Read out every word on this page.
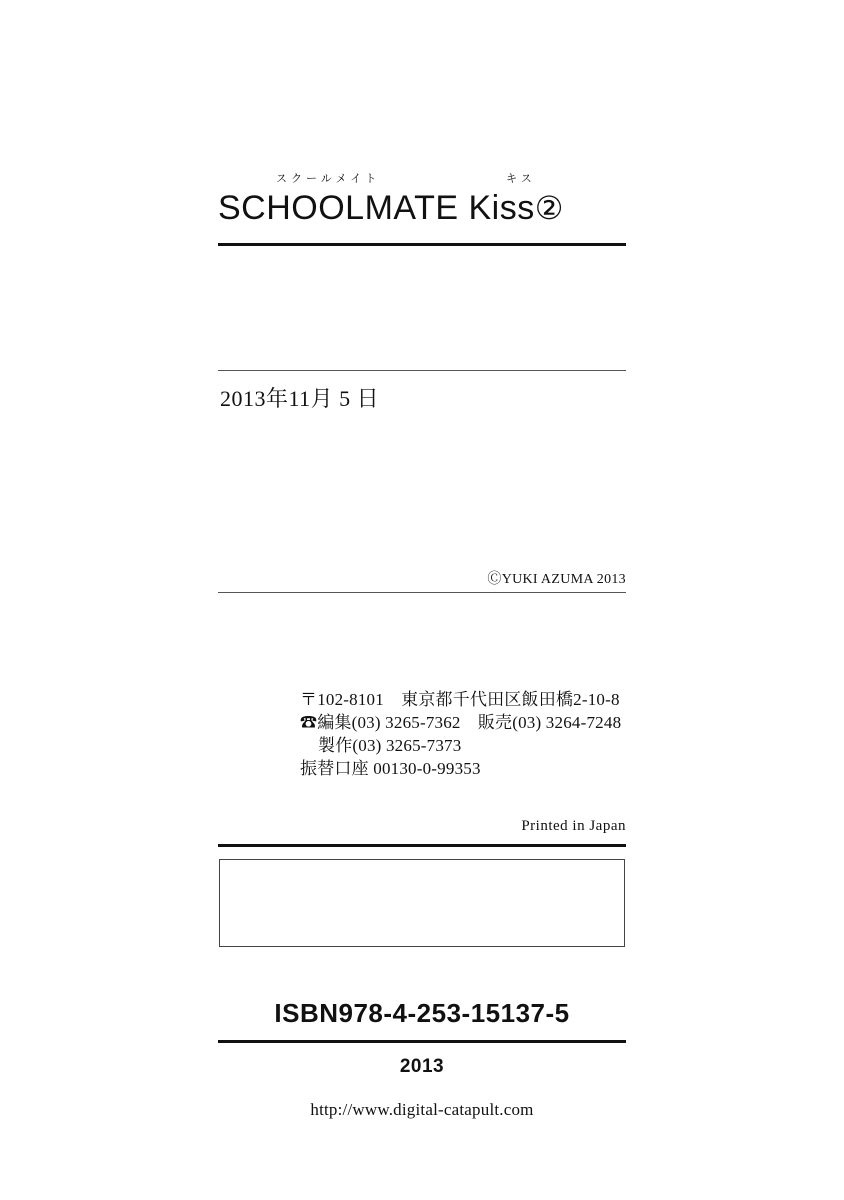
スクールメイト	キス
SCHOOLMATE Kiss②
2013年11月 5 日
ⒸYUKI AZUMA 2013
〒102-8101　東京都千代田区飯田橋2-10-8
☎編集(03) 3265-7362　販売(03) 3264-7248
製作(03) 3265-7373
振替口座 00130-0-99353
Printed in Japan
ISBN978-4-253-15137-5
2013
http://www.digital-catapult.com
